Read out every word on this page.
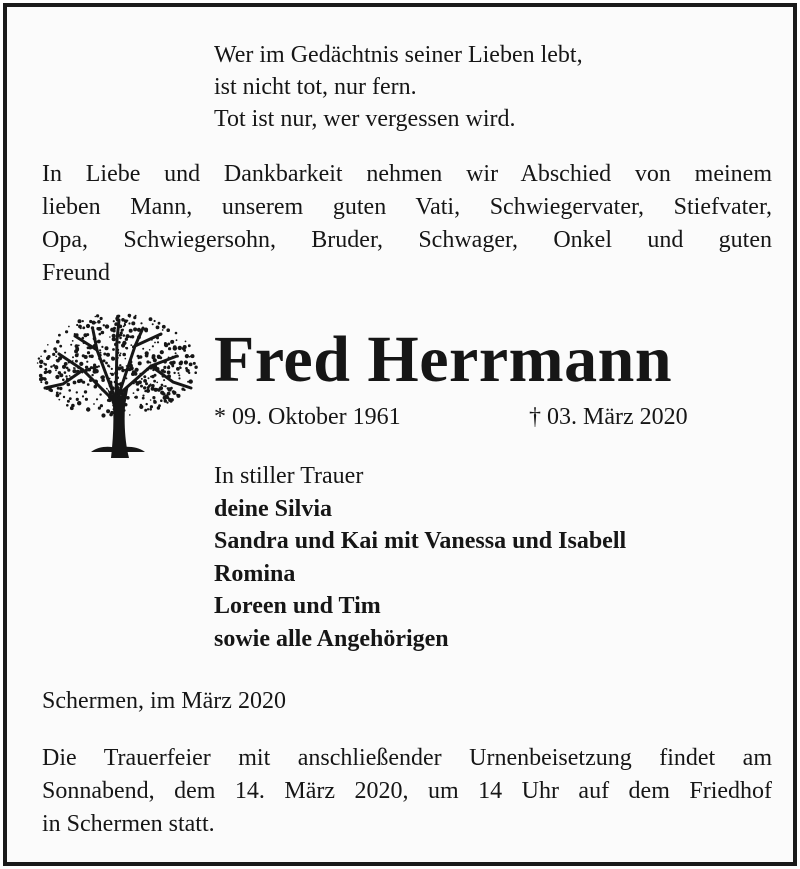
Wer im Gedächtnis seiner Lieben lebt,
ist nicht tot, nur fern.
Tot ist nur, wer vergessen wird.
In Liebe und Dankbarkeit nehmen wir Abschied von meinem
lieben Mann, unserem guten Vati, Schwiegervater, Stiefvater,
Opa, Schwiegersohn, Bruder, Schwager, Onkel und guten
Freund
Fred Herrmann
* 09. Oktober 1961	† 03. März 2020
In stiller Trauer
deine Silvia
Sandra und Kai mit Vanessa und Isabell
Romina
Loreen und Tim
sowie alle Angehörigen
Schermen, im März 2020
Die Trauerfeier mit anschließender Urnenbeisetzung findet am
Sonnabend, dem 14. März 2020, um 14 Uhr auf dem Friedhof
in Schermen statt.
